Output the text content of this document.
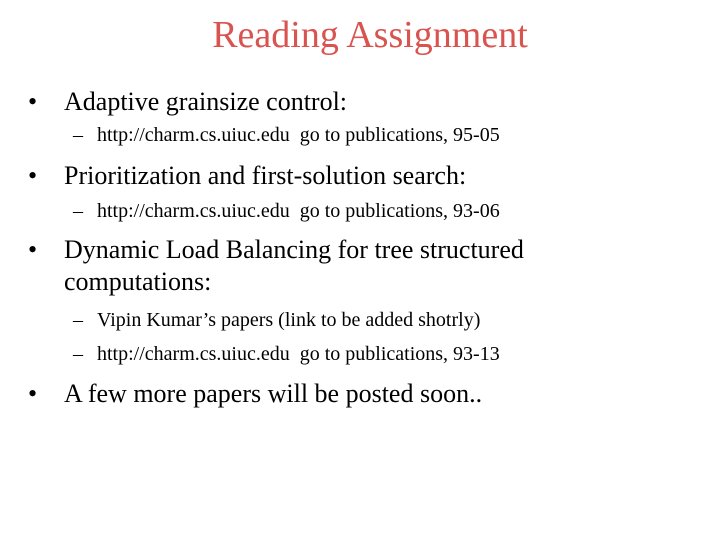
Reading Assignment
•	Adaptive grainsize control:
– http://charm.cs.uiuc.edu  go to publications, 95-05
•	Prioritization and first-solution search:
– http://charm.cs.uiuc.edu  go to publications, 93-06
•	Dynamic Load Balancing for tree structured computations:
– Vipin Kumar’s papers (link to be added shotrly)
– http://charm.cs.uiuc.edu  go to publications, 93-13
•	A few more papers will be posted soon..
